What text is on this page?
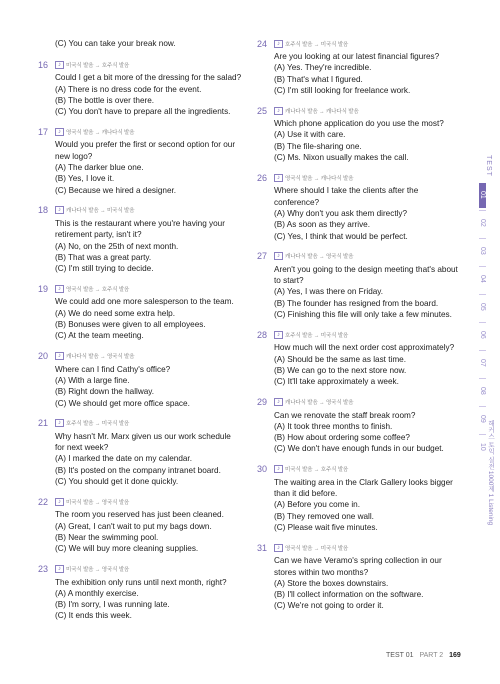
(C) You can take your break now.
16	♪ 미국식 발음 → 호주식 발음
Could I get a bit more of the dressing for the salad?
(A) There is no dress code for the event.
(B) The bottle is over there.
(C) You don't have to prepare all the ingredients.
17	♪ 영국식 발음 → 캐나다식 발음
Would you prefer the first or second option for our
new logo?
(A) The darker blue one.
(B) Yes, I love it.
(C) Because we hired a designer.
18	♪ 캐나다식 발음 → 미국식 발음
This is the restaurant where you're having your
retirement party, isn't it?
(A) No, on the 25th of next month.
(B) That was a great party.
(C) I'm still trying to decide.
19	♪ 영국식 발음 → 호주식 발음
We could add one more salesperson to the team.
(A) We do need some extra help.
(B) Bonuses were given to all employees.
(C) At the team meeting.
20	♪ 캐나다식 발음 → 영국식 발음
Where can I find Cathy's office?
(A) With a large fine.
(B) Right down the hallway.
(C) We should get more office space.
21	♪ 호주식 발음 → 미국식 발음
Why hasn't Mr. Marx given us our work schedule
for next week?
(A) I marked the date on my calendar.
(B) It's posted on the company intranet board.
(C) You should get it done quickly.
22	♪ 미국식 발음 → 영국식 발음
The room you reserved has just been cleaned.
(A) Great, I can't wait to put my bags down.
(B) Near the swimming pool.
(C) We will buy more cleaning supplies.
23	♪ 미국식 발음 → 영국식 발음
The exhibition only runs until next month, right?
(A) A monthly exercise.
(B) I'm sorry, I was running late.
(C) It ends this week.
24	♪ 호주식 발음 → 미국식 발음
Are you looking at our latest financial figures?
(A) Yes. They're incredible.
(B) That's what I figured.
(C) I'm still looking for freelance work.
25	♪ 캐나다식 발음 → 캐나다식 발음
Which phone application do you use the most?
(A) Use it with care.
(B) The file-sharing one.
(C) Ms. Nixon usually makes the call.
26	♪ 영국식 발음 → 캐나다식 발음
Where should I take the clients after the
conference?
(A) Why don't you ask them directly?
(B) As soon as they arrive.
(C) Yes, I think that would be perfect.
27	♪ 캐나다식 발음 → 영국식 발음
Aren't you going to the design meeting that's about
to start?
(A) Yes, I was there on Friday.
(B) The founder has resigned from the board.
(C) Finishing this file will only take a few minutes.
28	♪ 호주식 발음 → 미국식 발음
How much will the next order cost approximately?
(A) Should be the same as last time.
(B) We can go to the next store now.
(C) It'll take approximately a week.
29	♪ 캐나다식 발음 → 영국식 발음
Can we renovate the staff break room?
(A) It took three months to finish.
(B) How about ordering some coffee?
(C) We don't have enough funds in our budget.
30	♪ 미국식 발음 → 호주식 발음
The waiting area in the Clark Gallery looks bigger
than it did before.
(A) Before you come in.
(B) They removed one wall.
(C) Please wait five minutes.
31	♪ 영국식 발음 → 미국식 발음
Can we have Veramo's spring collection in our
stores within two months?
(A) Store the boxes downstairs.
(B) I'll collect information on the software.
(C) We're not going to order it.
TEST
01
02
03
04
05
06
07
08
09
10 해커스 토익 실전 1000제 1 Listening
TEST 01 PART 2 169
